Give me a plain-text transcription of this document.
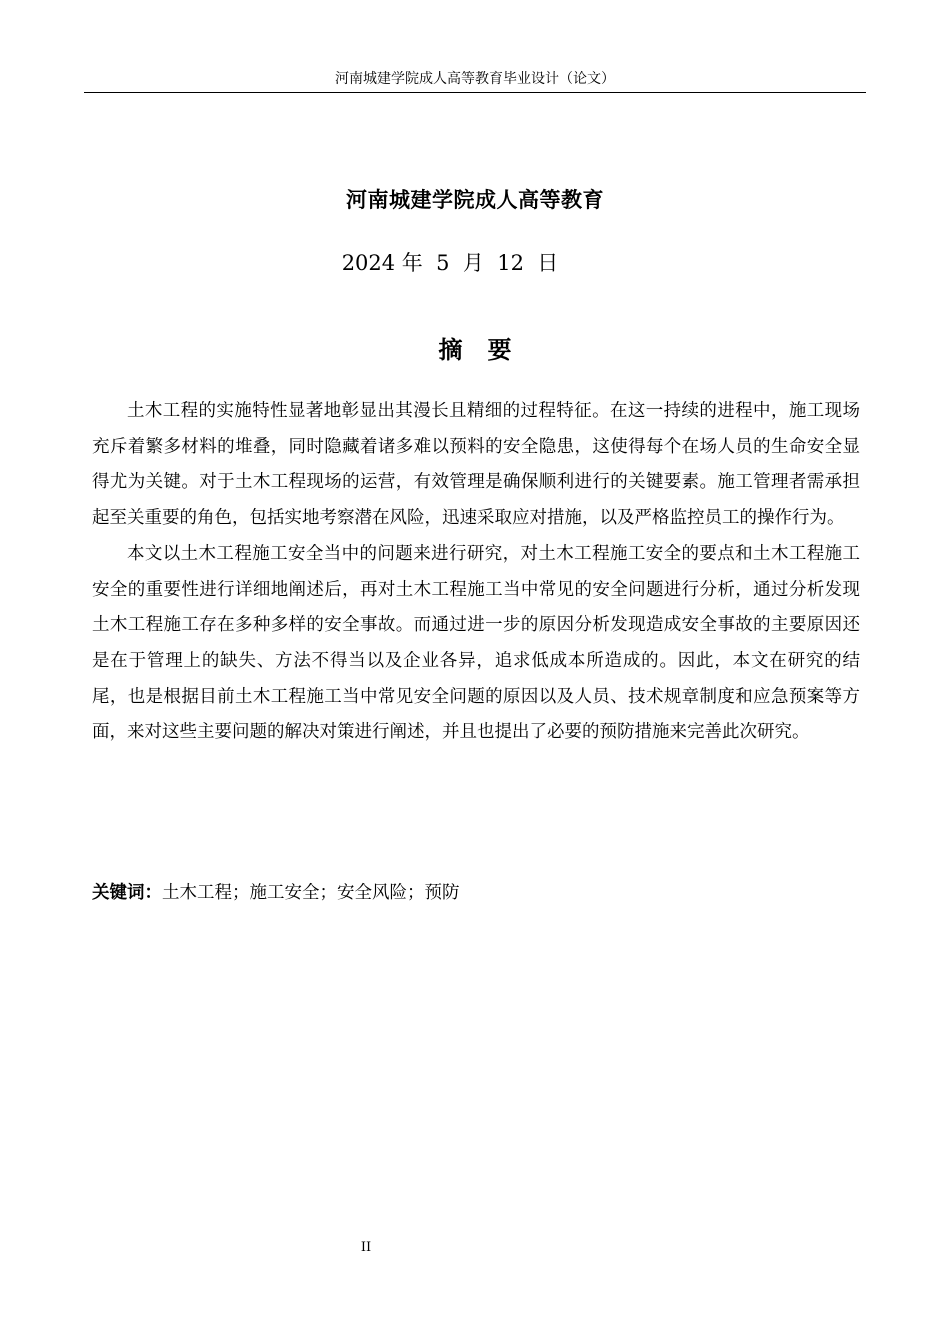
河南城建学院成人高等教育毕业设计（论文）
河南城建学院成人高等教育
2024 年  5  月  12  日
摘   要

土木工程的实施特性显著地彰显出其漫长且精细的过程特征。在这一持续的进程中，施工现场充斥着繁多材料的堆叠，同时隐藏着诸多难以预料的安全隐患，这使得每个在场人员的生命安全显得尤为关键。对于土木工程现场的运营，有效管理是确保顺利进行的关键要素。施工管理者需承担起至关重要的角色，包括实地考察潜在风险，迅速采取应对措施，以及严格监控员工的操作行为。

本文以土木工程施工安全当中的问题来进行研究，对土木工程施工安全的要点和土木工程施工安全的重要性进行详细地阐述后，再对土木工程施工当中常见的安全问题进行分析，通过分析发现土木工程施工存在多种多样的安全事故。而通过进一步的原因分析发现造成安全事故的主要原因还是在于管理上的缺失、方法不得当以及企业各异，追求低成本所造成的。因此，本文在研究的结尾，也是根据目前土木工程施工当中常见安全问题的原因以及人员、技术规章制度和应急预案等方面，来对这些主要问题的解决对策进行阐述，并且也提出了必要的预防措施来完善此次研究。

关键词：土木工程；施工安全；安全风险；预防
II
